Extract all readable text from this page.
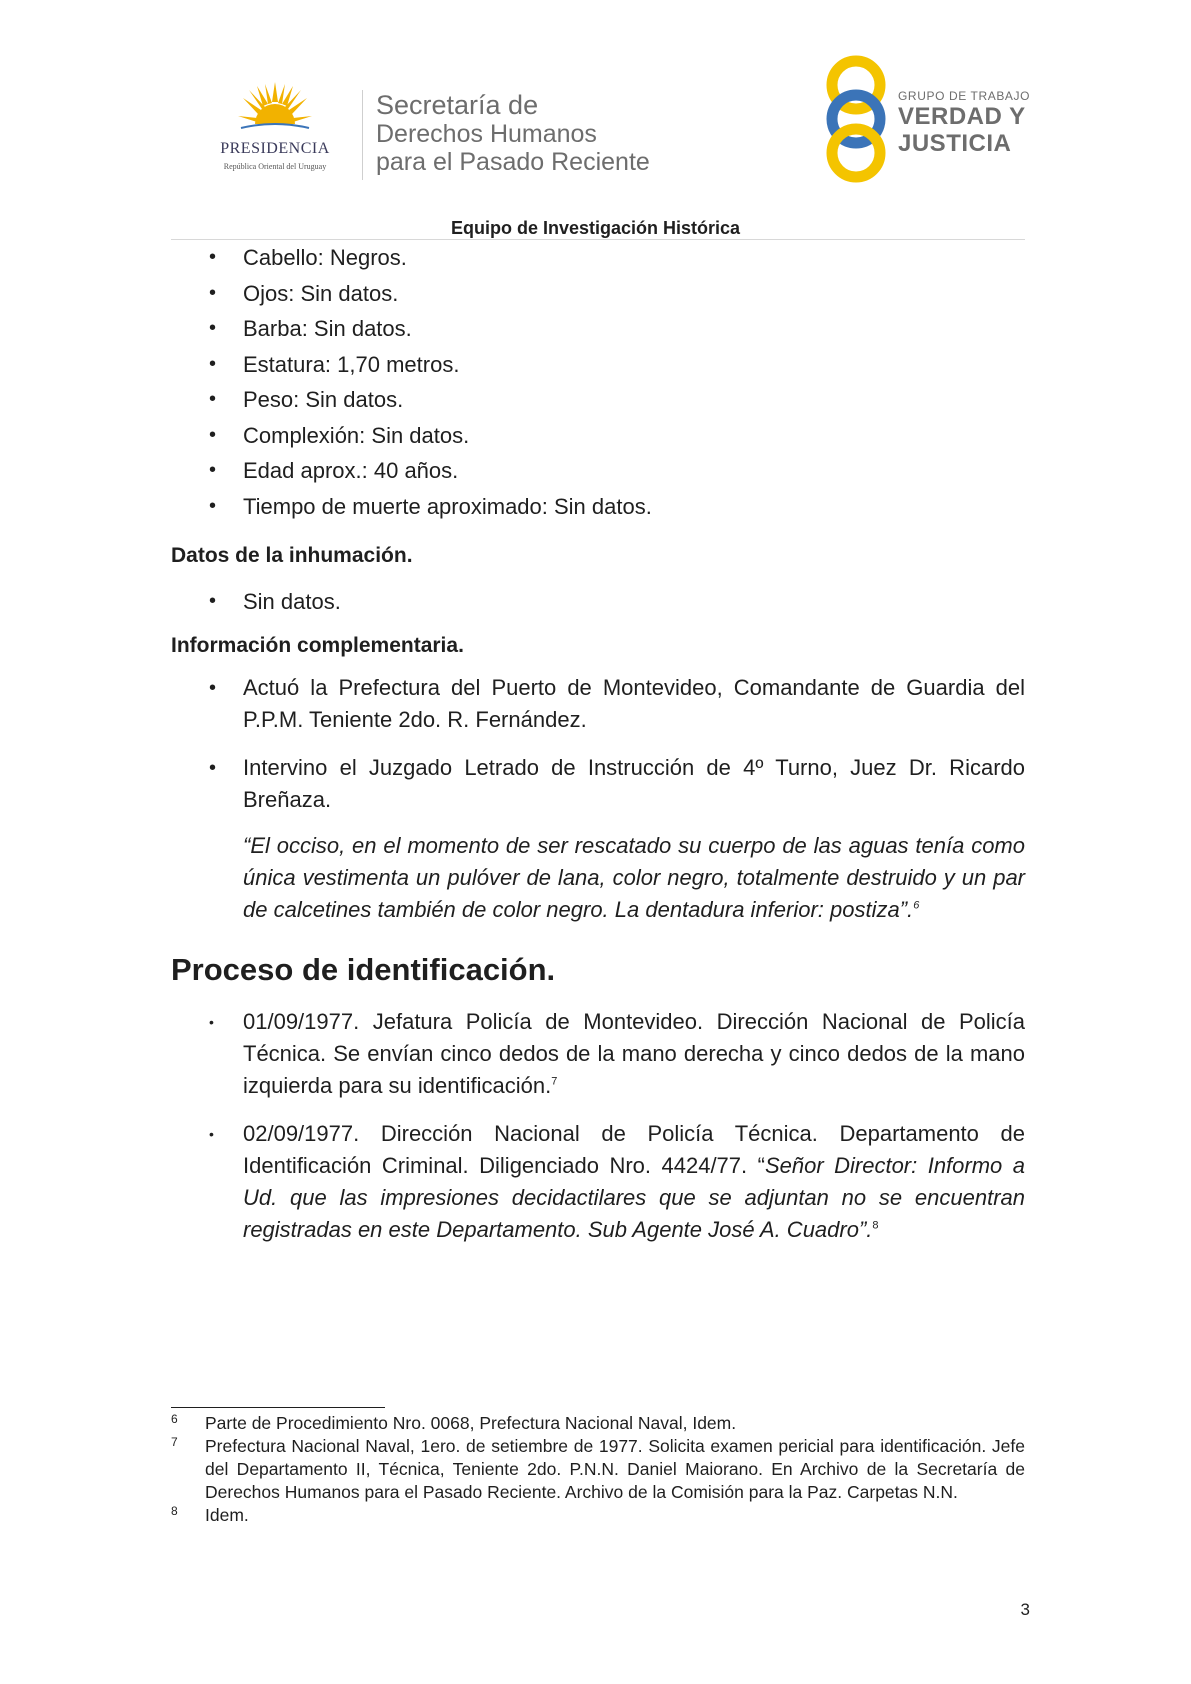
PRESIDENCIA
República Oriental del Uruguay
Secretaría de
Derechos Humanos
para el Pasado Reciente
GRUPO DE TRABAJO
VERDAD Y
JUSTICIA
Equipo de Investigación Histórica
• Cabello: Negros.
• Ojos: Sin datos.
• Barba: Sin datos.
• Estatura: 1,70 metros.
• Peso: Sin datos.
• Complexión: Sin datos.
• Edad aprox.: 40 años.
• Tiempo de muerte aproximado: Sin datos.

Datos de la inhumación.

• Sin datos.

Información complementaria.

• Actuó la Prefectura del Puerto de Montevideo, Comandante de Guardia del P.P.M. Teniente 2do. R. Fernández.
• Intervino el Juzgado Letrado de Instrucción de 4º Turno, Juez Dr. Ricardo Breñaza.

“El occiso, en el momento de ser rescatado su cuerpo de las aguas tenía como única vestimenta un pulóver de lana, color negro, totalmente destruido y un par de calcetines también de color negro. La dentadura inferior: postiza”.$^6$

Proceso de identificación.

• 01/09/1977. Jefatura Policía de Montevideo. Dirección Nacional de Policía Técnica. Se envían cinco dedos de la mano derecha y cinco dedos de la mano izquierda para su identificación.$^7$
• 02/09/1977. Dirección Nacional de Policía Técnica. Departamento de Identificación Criminal. Diligenciado Nro. 4424/77. “Señor Director: Informo a Ud. que las impresiones decidactilares que se adjuntan no se encuentran registradas en este Departamento. Sub Agente José A. Cuadro”.$^8$
6 Parte de Procedimiento Nro. 0068, Prefectura Nacional Naval, Idem.
7 Prefectura Nacional Naval, 1ero. de setiembre de 1977. Solicita examen pericial para identificación. Jefe del Departamento II, Técnica, Teniente 2do. P.N.N. Daniel Maiorano. En Archivo de la Secretaría de Derechos Humanos para el Pasado Reciente. Archivo de la Comisión para la Paz. Carpetas N.N.
8 Idem.
3
